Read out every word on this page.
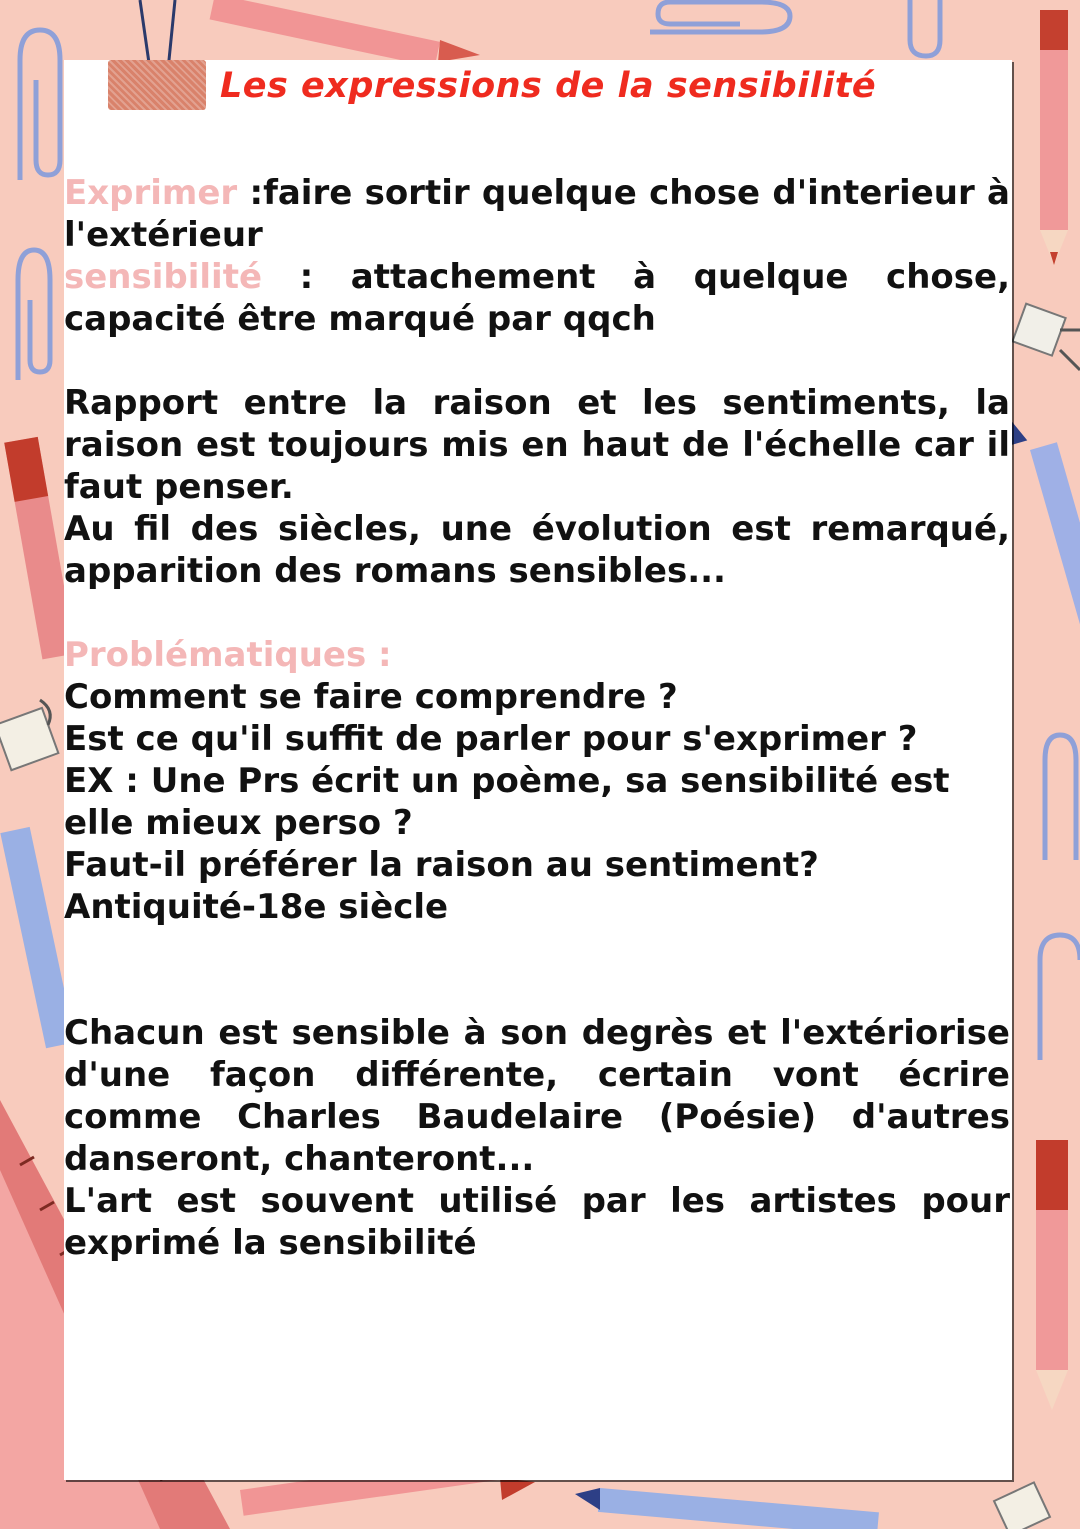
Les expressions de la sensibilité

Exprimer :faire sortir quelque chose d'interieur à l'extérieur

sensibilité : attachement à quelque chose, capacité être marqué par qqch

Rapport entre la raison et les sentiments, la raison est toujours mis en haut de l'échelle car il faut penser.

Au fil des siècles, une évolution est remarqué, apparition des romans sensibles...

Problématiques :

Comment se faire comprendre ?

Est ce qu'il suffit de parler pour s'exprimer ?

EX : Une Prs écrit un poème, sa sensibilité est elle mieux perso ?

Faut-il préférer la raison au sentiment?

Antiquité-18e siècle

Chacun est sensible à son degrès et l'extériorise d'une façon différente, certain vont écrire comme Charles Baudelaire (Poésie) d'autres danseront, chanteront...

L'art est souvent utilisé par les artistes pour exprimé la sensibilité
